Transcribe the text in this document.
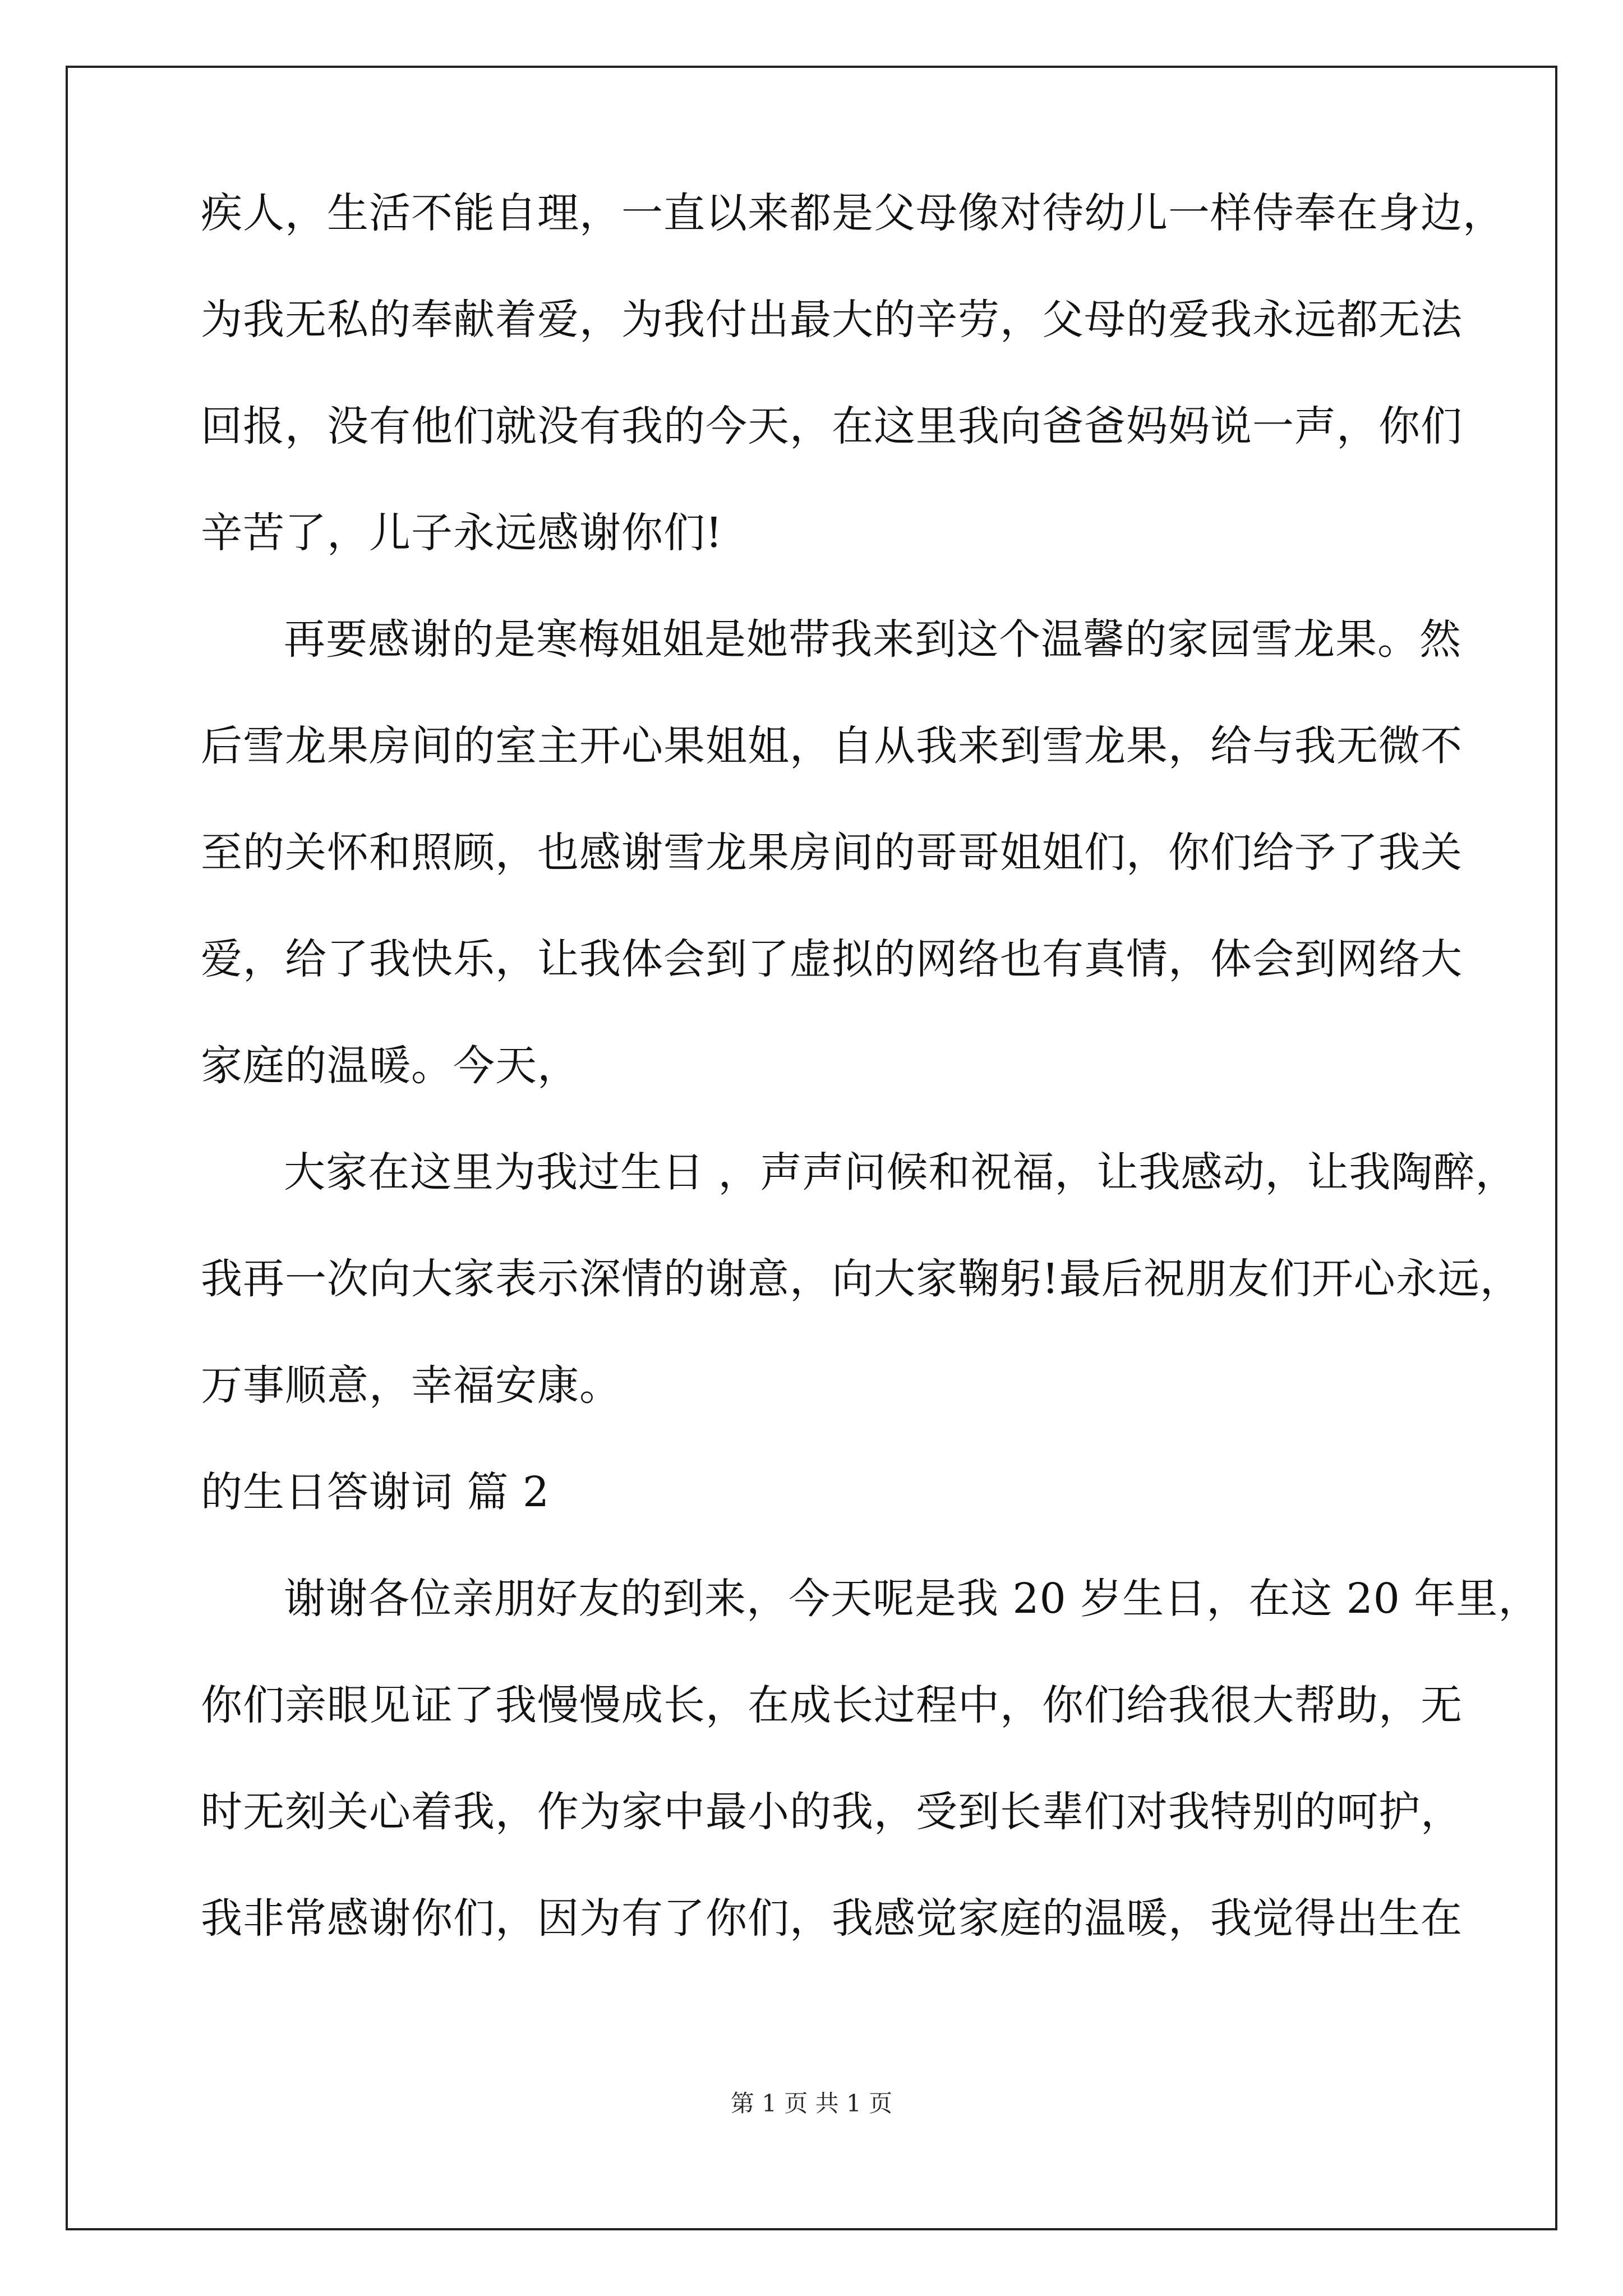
疾人，生活不能自理，一直以来都是父母像对待幼儿一样侍奉在身边，
为我无私的奉献着爱，为我付出最大的辛劳，父母的爱我永远都无法
回报，没有他们就没有我的今天，在这里我向爸爸妈妈说一声，你们
辛苦了，儿子永远感谢你们!
再要感谢的是寒梅姐姐是她带我来到这个温馨的家园雪龙果。然
后雪龙果房间的室主开心果姐姐，自从我来到雪龙果，给与我无微不
至的关怀和照顾，也感谢雪龙果房间的哥哥姐姐们，你们给予了我关
爱，给了我快乐，让我体会到了虚拟的网络也有真情，体会到网络大
家庭的温暖。今天，
大家在这里为我过生日 ，声声问候和祝福，让我感动，让我陶醉，
我再一次向大家表示深情的谢意，向大家鞠躬!最后祝朋友们开心永远，
万事顺意，幸福安康。
的生日答谢词 篇 2
谢谢各位亲朋好友的到来，今天呢是我 20 岁生日，在这 20 年里，
你们亲眼见证了我慢慢成长，在成长过程中，你们给我很大帮助，无
时无刻关心着我，作为家中最小的我，受到长辈们对我特别的呵护，
我非常感谢你们，因为有了你们，我感觉家庭的温暖，我觉得出生在
第 1 页 共 1 页
